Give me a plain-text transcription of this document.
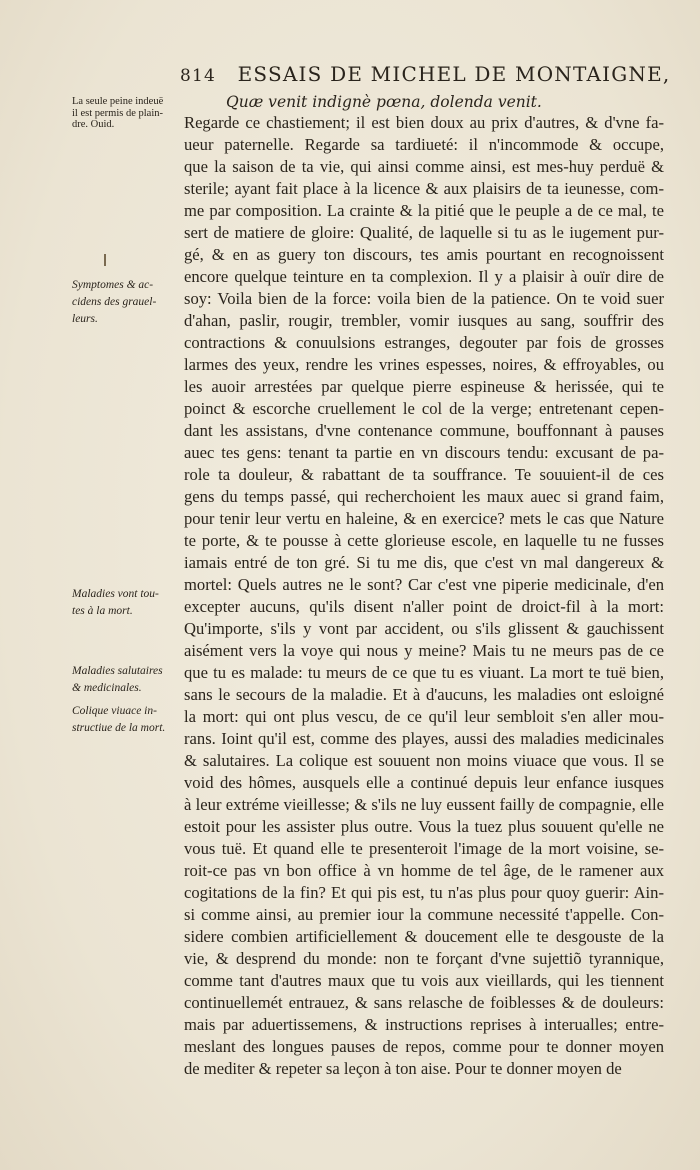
814 ESSAIS DE MICHEL DE MONTAIGNE,
Quæ venit indignè pœna, dolenda venit.
La seule peine indeuë
il est permis de plain-
dre. Ouid.
Symptomes & ac-
cidens des grauel-
leurs.
Maladies vont tou-
tes à la mort.
Maladies salutaires
& medicinales.
Colique viuace in-
structiue de la mort.
Regarde ce chastiement; il est bien doux au prix d'autres, & d'vne fa-
ueur paternelle. Regarde sa tardiueté: il n'incommode & occupe,
que la saison de ta vie, qui ainsi comme ainsi, est mes-huy perduë &
sterile; ayant fait place à la licence & aux plaisirs de ta ieunesse, com-
me par composition. La crainte & la pitié que le peuple a de ce mal, te
sert de matiere de gloire: Qualité, de laquelle si tu as le iugement pur-
gé, & en as guery ton discours, tes amis pourtant en recognoissent
encore quelque teinture en ta complexion. Il y a plaisir à ouïr dire de
soy: Voila bien de la force: voila bien de la patience. On te void suer
d'ahan, paslir, rougir, trembler, vomir iusques au sang, souffrir des
contractions & conuulsions estranges, degouter par fois de grosses
larmes des yeux, rendre les vrines espesses, noires, & effroyables, ou
les auoir arrestées par quelque pierre espineuse & herissée, qui te
poinct & escorche cruellement le col de la verge; entretenant cepen-
dant les assistans, d'vne contenance commune, bouffonnant à pauses
auec tes gens: tenant ta partie en vn discours tendu: excusant de pa-
role ta douleur, & rabattant de ta souffrance. Te souuient-il de ces
gens du temps passé, qui recherchoient les maux auec si grand faim,
pour tenir leur vertu en haleine, & en exercice? mets le cas que Nature
te porte, & te pousse à cette glorieuse escole, en laquelle tu ne fusses
iamais entré de ton gré. Si tu me dis, que c'est vn mal dangereux &
mortel: Quels autres ne le sont? Car c'est vne piperie medicinale, d'en
excepter aucuns, qu'ils disent n'aller point de droict-fil à la mort:
Qu'importe, s'ils y vont par accident, ou s'ils glissent & gauchissent
aisément vers la voye qui nous y meine? Mais tu ne meurs pas de ce
que tu es malade: tu meurs de ce que tu es viuant. La mort te tuë bien,
sans le secours de la maladie. Et à d'aucuns, les maladies ont esloigné
la mort: qui ont plus vescu, de ce qu'il leur sembloit s'en aller mou-
rans. Ioint qu'il est, comme des playes, aussi des maladies medicinales
& salutaires. La colique est souuent non moins viuace que vous. Il se
void des hômes, ausquels elle a continué depuis leur enfance iusques
à leur extréme vieillesse; & s'ils ne luy eussent failly de compagnie, elle
estoit pour les assister plus outre. Vous la tuez plus souuent qu'elle ne
vous tuë. Et quand elle te presenteroit l'image de la mort voisine, se-
roit-ce pas vn bon office à vn homme de tel âge, de le ramener aux
cogitations de la fin? Et qui pis est, tu n'as plus pour quoy guerir: Ain-
si comme ainsi, au premier iour la commune necessité t'appelle. Con-
sidere combien artificiellement & doucement elle te desgouste de la
vie, & desprend du monde: non te forçant d'vne sujettiõ tyrannique,
comme tant d'autres maux que tu vois aux vieillards, qui les tiennent
continuellemét entrauez, & sans relasche de foiblesses & de douleurs:
mais par aduertissemens, & instructions reprises à interualles; entre-
meslant des longues pauses de repos, comme pour te donner moyen
de mediter & repeter sa leçon à ton aise. Pour te donner moyen de
